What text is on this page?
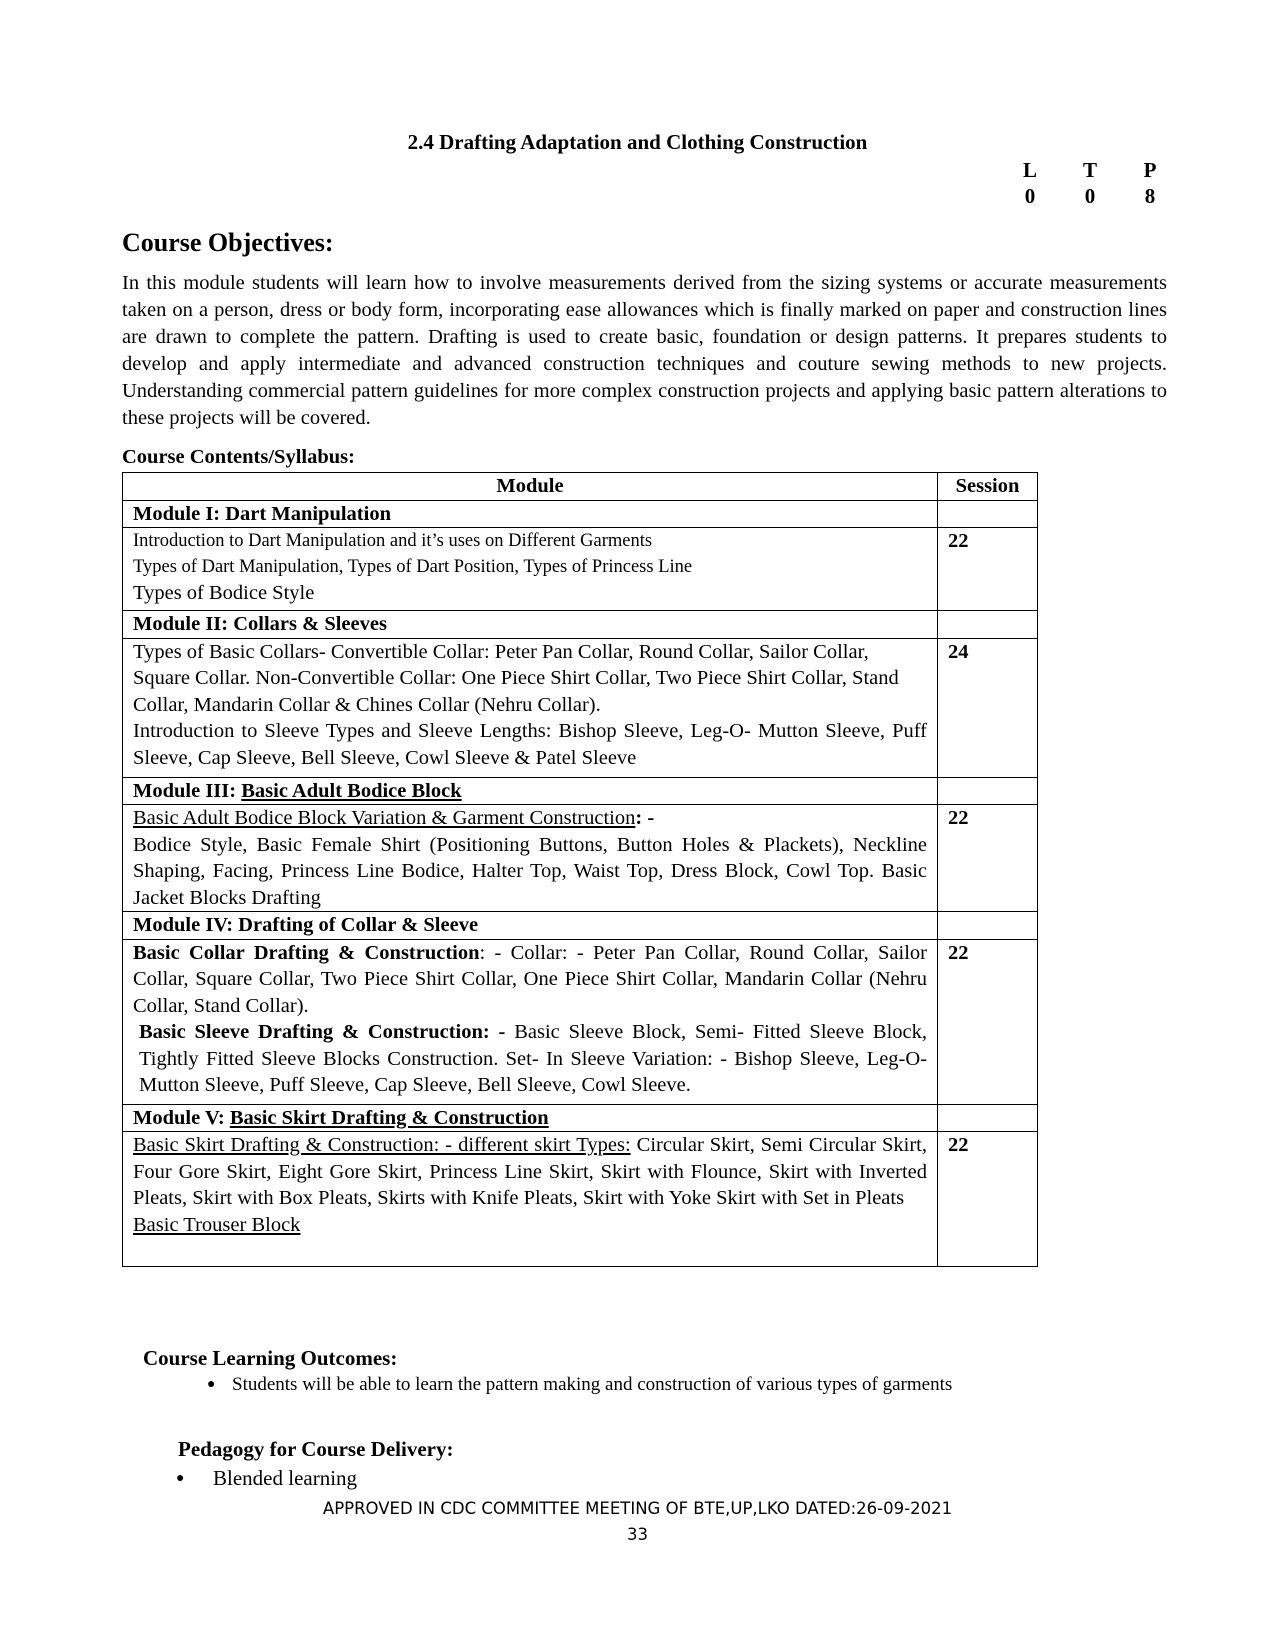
2.4 Drafting Adaptation and Clothing Construction
L	T	P
0	0	8
Course Objectives:
In this module students will learn how to involve measurements derived from the sizing systems or accurate measurements taken on a person, dress or body form, incorporating ease allowances which is finally marked on paper and construction lines are drawn to complete the pattern. Drafting is used to create basic, foundation or design patterns. It prepares students to develop and apply intermediate and advanced construction techniques and couture sewing methods to new projects. Understanding commercial pattern guidelines for more complex construction projects and applying basic pattern alterations to these projects will be covered.
Course Contents/Syllabus:
Module	Session
Module I: Dart Manipulation	

Introduction to Dart Manipulation and it’s uses on Different Garments
Types of Dart Manipulation, Types of Dart Position, Types of Princess Line
Types of Bodice Style	22
Module II: Collars & Sleeves	

Types of Basic Collars- Convertible Collar: Peter Pan Collar, Round Collar, Sailor Collar, Square Collar. Non-Convertible Collar: One Piece Shirt Collar, Two Piece Shirt Collar, Stand Collar, Mandarin Collar & Chines Collar (Nehru Collar).
Introduction to Sleeve Types and Sleeve Lengths: Bishop Sleeve, Leg-O- Mutton Sleeve, Puff Sleeve, Cap Sleeve, Bell Sleeve, Cowl Sleeve & Patel Sleeve	24
Module III: Basic Adult Bodice Block	
Basic Adult Bodice Block Variation & Garment Construction: -
Bodice Style, Basic Female Shirt (Positioning Buttons, Button Holes & Plackets), Neckline Shaping, Facing, Princess Line Bodice, Halter Top, Waist Top, Dress Block, Cowl Top. Basic Jacket Blocks Drafting	22
Module IV: Drafting of Collar & Sleeve	

Basic Collar Drafting & Construction: - Collar: - Peter Pan Collar, Round Collar, Sailor Collar, Square Collar, Two Piece Shirt Collar, One Piece Shirt Collar, Mandarin Collar (Nehru Collar, Stand Collar).
Basic Sleeve Drafting & Construction: - Basic Sleeve Block, Semi- Fitted Sleeve Block, Tightly Fitted Sleeve Blocks Construction. Set- In Sleeve Variation: - Bishop Sleeve, Leg-O- Mutton Sleeve, Puff Sleeve, Cap Sleeve, Bell Sleeve, Cowl Sleeve.	22
Module V: Basic Skirt Drafting & Construction	

Basic Skirt Drafting & Construction: - different skirt Types: Circular Skirt, Semi Circular Skirt, Four Gore Skirt, Eight Gore Skirt, Princess Line Skirt, Skirt with Flounce, Skirt with Inverted Pleats, Skirt with Box Pleats, Skirts with Knife Pleats, Skirt with Yoke Skirt with Set in Pleats
Basic Trouser Block	22
Course Learning Outcomes:
● Students will be able to learn the pattern making and construction of various types of garments
Pedagogy for Course Delivery:
● Blended learning
APPROVED IN CDC COMMITTEE MEETING OF BTE,UP,LKO DATED:26-09-2021
33
